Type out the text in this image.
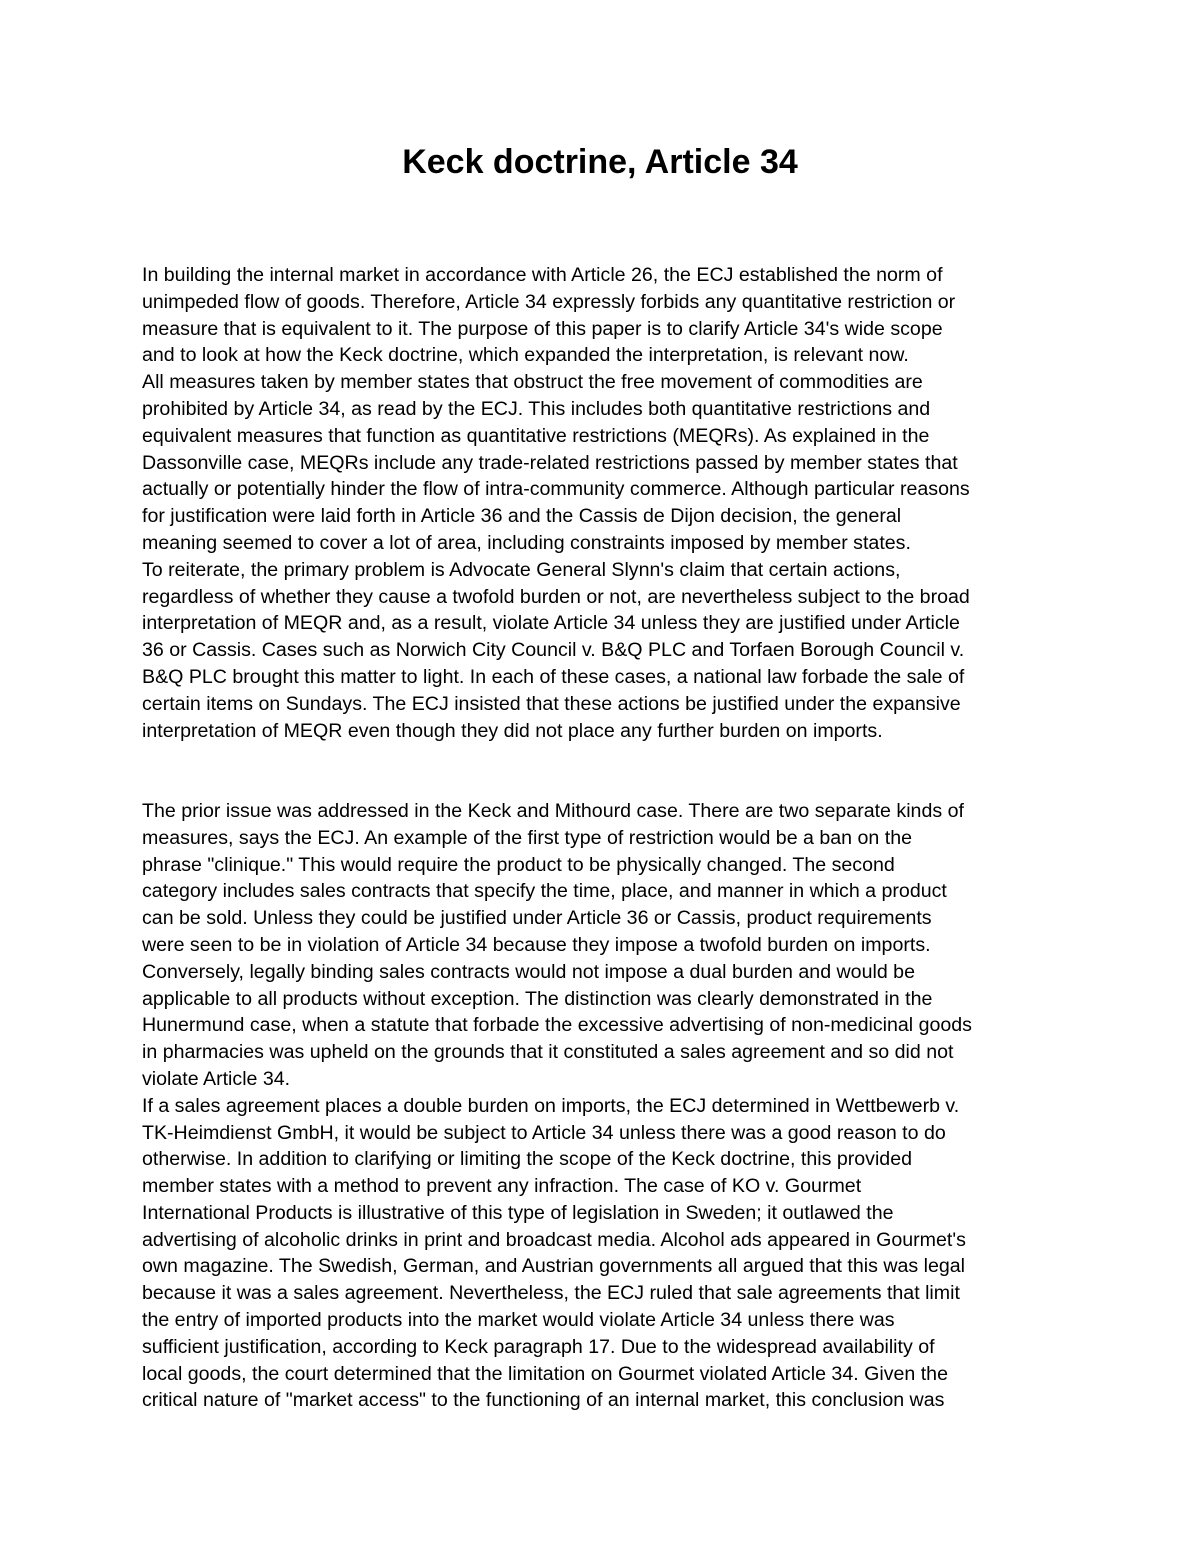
Keck doctrine, Article 34

In building the internal market in accordance with Article 26, the ECJ established the norm of
unimpeded flow of goods. Therefore, Article 34 expressly forbids any quantitative restriction or
measure that is equivalent to it. The purpose of this paper is to clarify Article 34's wide scope
and to look at how the Keck doctrine, which expanded the interpretation, is relevant now.

All measures taken by member states that obstruct the free movement of commodities are
prohibited by Article 34, as read by the ECJ. This includes both quantitative restrictions and
equivalent measures that function as quantitative restrictions (MEQRs). As explained in the
Dassonville case, MEQRs include any trade-related restrictions passed by member states that
actually or potentially hinder the flow of intra-community commerce. Although particular reasons
for justification were laid forth in Article 36 and the Cassis de Dijon decision, the general
meaning seemed to cover a lot of area, including constraints imposed by member states.

To reiterate, the primary problem is Advocate General Slynn's claim that certain actions,
regardless of whether they cause a twofold burden or not, are nevertheless subject to the broad
interpretation of MEQR and, as a result, violate Article 34 unless they are justified under Article
36 or Cassis. Cases such as Norwich City Council v. B&Q PLC and Torfaen Borough Council v.
B&Q PLC brought this matter to light. In each of these cases, a national law forbade the sale of
certain items on Sundays. The ECJ insisted that these actions be justified under the expansive
interpretation of MEQR even though they did not place any further burden on imports.

The prior issue was addressed in the Keck and Mithourd case. There are two separate kinds of
measures, says the ECJ. An example of the first type of restriction would be a ban on the
phrase "clinique." This would require the product to be physically changed. The second
category includes sales contracts that specify the time, place, and manner in which a product
can be sold. Unless they could be justified under Article 36 or Cassis, product requirements
were seen to be in violation of Article 34 because they impose a twofold burden on imports.
Conversely, legally binding sales contracts would not impose a dual burden and would be
applicable to all products without exception. The distinction was clearly demonstrated in the
Hunermund case, when a statute that forbade the excessive advertising of non-medicinal goods
in pharmacies was upheld on the grounds that it constituted a sales agreement and so did not
violate Article 34.

If a sales agreement places a double burden on imports, the ECJ determined in Wettbewerb v.
TK-Heimdienst GmbH, it would be subject to Article 34 unless there was a good reason to do
otherwise. In addition to clarifying or limiting the scope of the Keck doctrine, this provided
member states with a method to prevent any infraction. The case of KO v. Gourmet
International Products is illustrative of this type of legislation in Sweden; it outlawed the
advertising of alcoholic drinks in print and broadcast media. Alcohol ads appeared in Gourmet's
own magazine. The Swedish, German, and Austrian governments all argued that this was legal
because it was a sales agreement. Nevertheless, the ECJ ruled that sale agreements that limit
the entry of imported products into the market would violate Article 34 unless there was
sufficient justification, according to Keck paragraph 17. Due to the widespread availability of
local goods, the court determined that the limitation on Gourmet violated Article 34. Given the
critical nature of "market access" to the functioning of an internal market, this conclusion was
